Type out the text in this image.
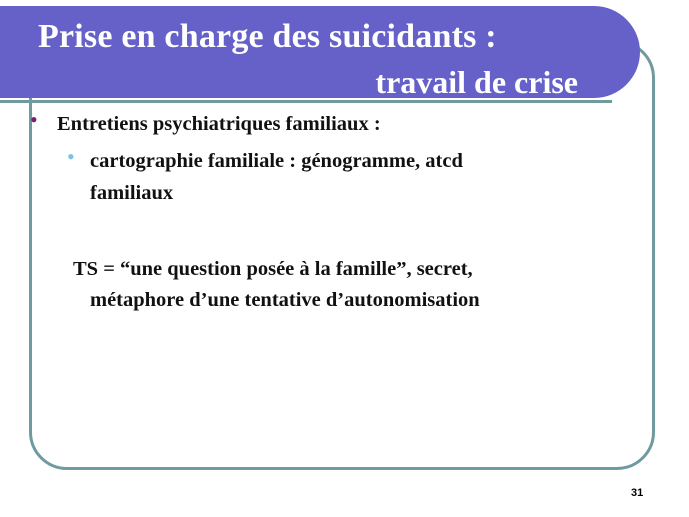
Prise en charge des suicidants :
travail de crise
• Entretiens psychiatriques familiaux :
• cartographie familiale : génogramme, atcd
familiaux
TS = “une question posée à la famille”, secret,
métaphore d’une tentative d’autonomisation
31
